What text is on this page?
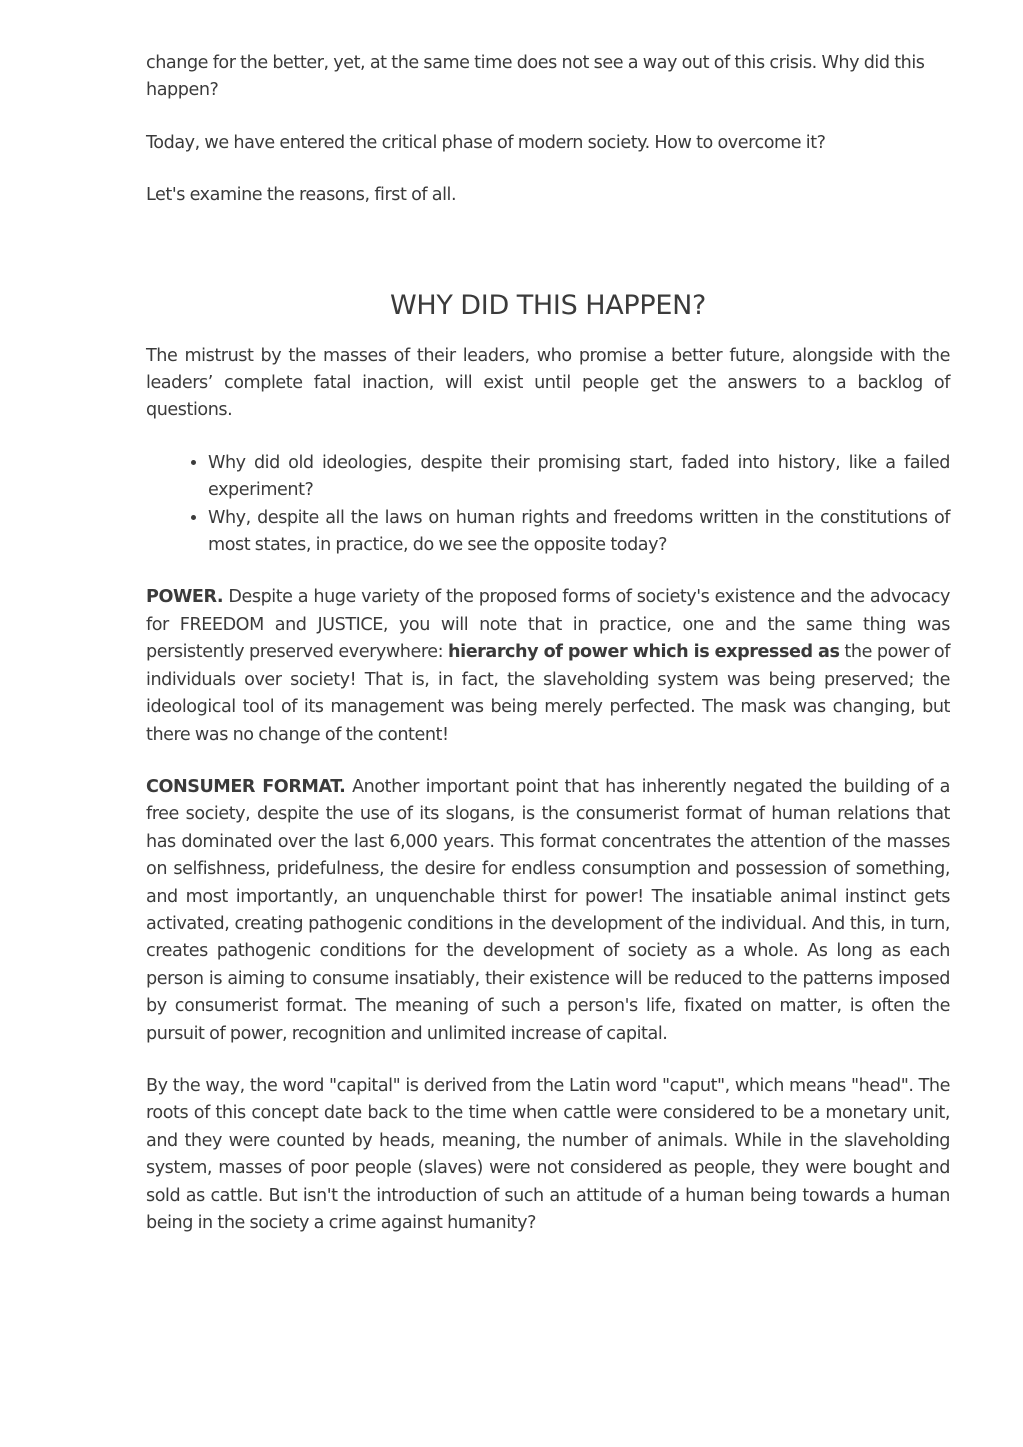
change for the better, yet, at the same time does not see a way out of this crisis. Why did this happen?

Today, we have entered the critical phase of modern society. How to overcome it?

Let's examine the reasons, first of all.

WHY DID THIS HAPPEN?

The mistrust by the masses of their leaders, who promise a better future, alongside with the leaders’ complete fatal inaction, will exist until people get the answers to a backlog of questions.

• Why did old ideologies, despite their promising start, faded into history, like a failed experiment?
• Why, despite all the laws on human rights and freedoms written in the constitutions of most states, in practice, do we see the opposite today?

POWER. Despite a huge variety of the proposed forms of society's existence and the advocacy for FREEDOM and JUSTICE, you will note that in practice, one and the same thing was persistently preserved everywhere: hierarchy of power which is expressed as the power of individuals over society! That is, in fact, the slaveholding system was being preserved; the ideological tool of its management was being merely perfected. The mask was changing, but there was no change of the content!

CONSUMER FORMAT. Another important point that has inherently negated the building of a free society, despite the use of its slogans, is the consumerist format of human relations that has dominated over the last 6,000 years. This format concentrates the attention of the masses on selfishness, pridefulness, the desire for endless consumption and possession of something, and most importantly, an unquenchable thirst for power! The insatiable animal instinct gets activated, creating pathogenic conditions in the development of the individual. And this, in turn, creates pathogenic conditions for the development of society as a whole. As long as each person is aiming to consume insatiably, their existence will be reduced to the patterns imposed by consumerist format. The meaning of such a person's life, fixated on matter, is often the pursuit of power, recognition and unlimited increase of capital.

By the way, the word "capital" is derived from the Latin word "caput", which means "head". The roots of this concept date back to the time when cattle were considered to be a monetary unit, and they were counted by heads, meaning, the number of animals. While in the slaveholding system, masses of poor people (slaves) were not considered as people, they were bought and sold as cattle. But isn't the introduction of such an attitude of a human being towards a human being in the society a crime against humanity?
